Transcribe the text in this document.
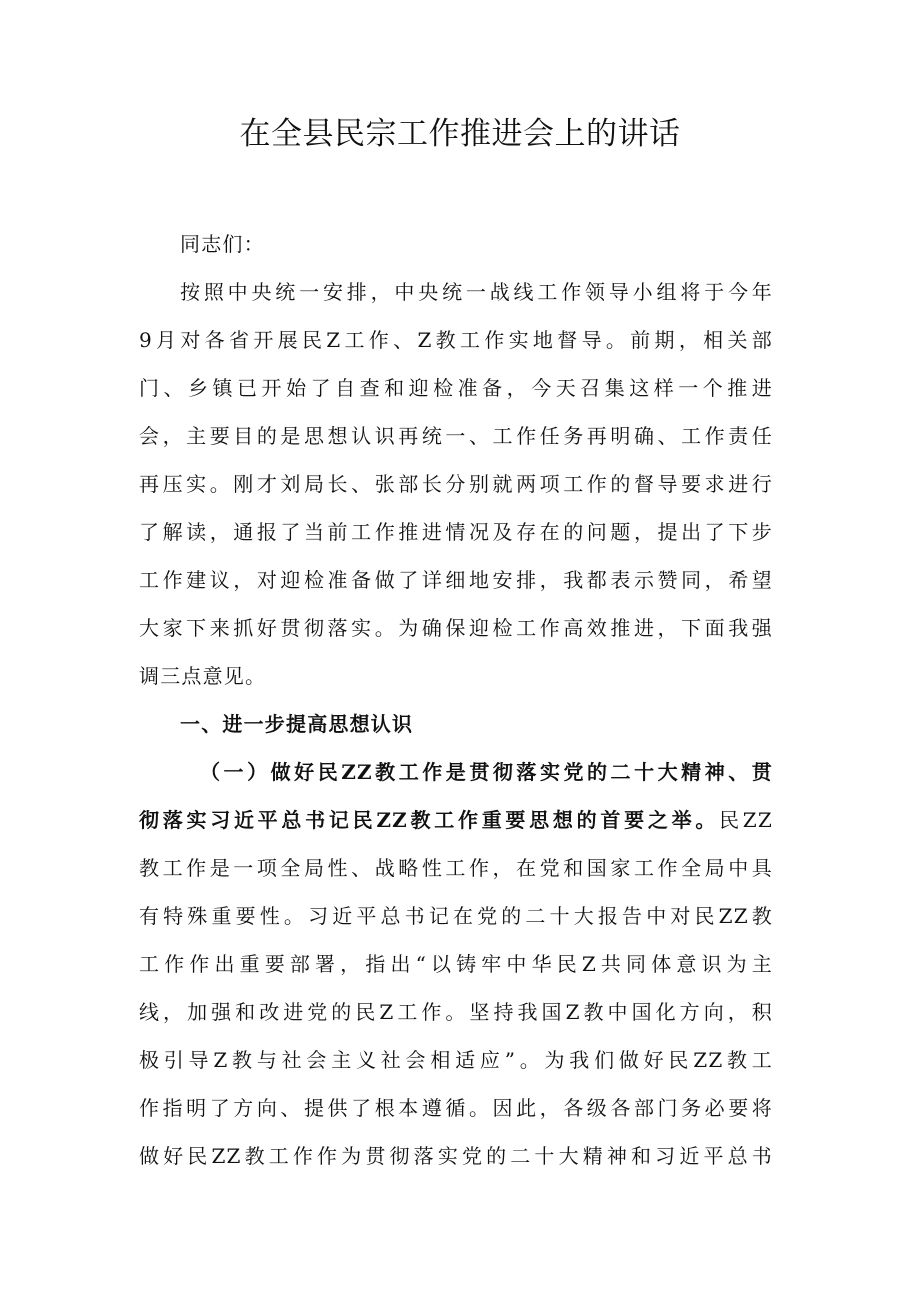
在全县民宗工作推进会上的讲话
同志们：
按照中央统一安排，中央统一战线工作领导小组将于今年
9月对各省开展民Z工作、Z教工作实地督导。前期，相关部
门、乡镇已开始了自查和迎检准备，今天召集这样一个推进
会，主要目的是思想认识再统一、工作任务再明确、工作责任
再压实。刚才刘局长、张部长分别就两项工作的督导要求进行
了解读，通报了当前工作推进情况及存在的问题，提出了下步
工作建议，对迎检准备做了详细地安排，我都表示赞同，希望
大家下来抓好贯彻落实。为确保迎检工作高效推进，下面我强
调三点意见。
一、进一步提高思想认识
（一）做好民ZZ教工作是贯彻落实党的二十大精神、贯
彻落实习近平总书记民ZZ教工作重要思想的首要之举。民ZZ
教工作是一项全局性、战略性工作，在党和国家工作全局中具
有特殊重要性。习近平总书记在党的二十大报告中对民ZZ教
工作作出重要部署，指出“以铸牢中华民Z共同体意识为主
线，加强和改进党的民Z工作。坚持我国Z教中国化方向，积
极引导Z教与社会主义社会相适应”。为我们做好民ZZ教工
作指明了方向、提供了根本遵循。因此，各级各部门务必要将
做好民ZZ教工作作为贯彻落实党的二十大精神和习近平总书
